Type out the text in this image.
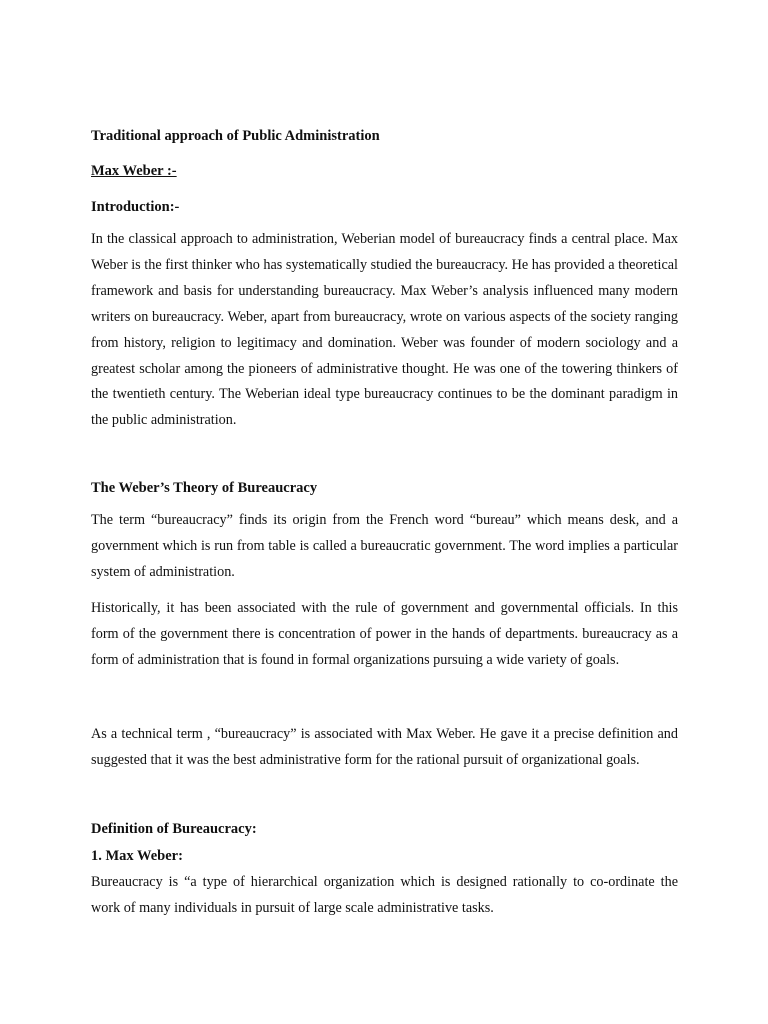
Traditional approach of Public Administration
Max Weber :-
Introduction:-

In the classical approach to administration, Weberian model of bureaucracy finds a central place. Max Weber is the first thinker who has systematically studied the bureaucracy. He has provided a theoretical framework and basis for understanding bureaucracy. Max Weber’s analysis influenced many modern writers on bureaucracy. Weber, apart from bureaucracy, wrote on various aspects of the society ranging from history, religion to legitimacy and domination. Weber was founder of modern sociology and a greatest scholar among the pioneers of administrative thought. He was one of the towering thinkers of the twentieth century. The Weberian ideal type bureaucracy continues to be the dominant paradigm in the public administration.

The Weber’s Theory of Bureaucracy

The term “bureaucracy” finds its origin from the French word “bureau” which means desk, and a government which is run from table is called a bureaucratic government. The word implies a particular system of administration.

Historically, it has been associated with the rule of government and governmental officials. In this form of the government there is concentration of power in the hands of departments. bureaucracy as a form of administration that is found in formal organizations pursuing a wide variety of goals.

As a technical term , “bureaucracy” is associated with Max Weber. He gave it a precise definition and suggested that it was the best administrative form for the rational pursuit of organizational goals.

Definition of Bureaucracy:
1. Max Weber:

Bureaucracy is “a type of hierarchical organization which is designed rationally to co-ordinate the work of many individuals in pursuit of large scale administrative tasks.
